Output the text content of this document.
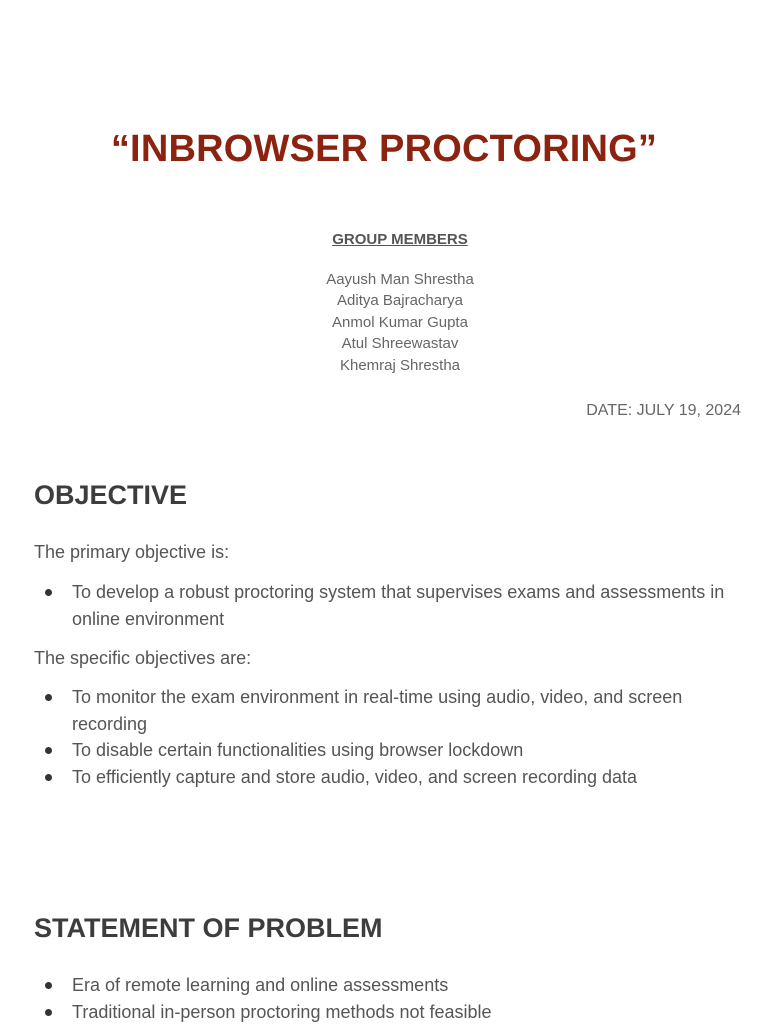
“INBROWSER PROCTORING”
GROUP MEMBERS
Aayush Man Shrestha
Aditya Bajracharya
Anmol Kumar Gupta
Atul Shreewastav
Khemraj Shrestha
DATE: JULY 19, 2024
OBJECTIVE

The primary objective is:

To develop a robust proctoring system that supervises exams and assessments in online environment

The specific objectives are:

To monitor the exam environment in real-time using audio, video, and screen recording
To disable certain functionalities using browser lockdown
To efficiently capture and store audio, video, and screen recording data
STATEMENT OF PROBLEM
Era of remote learning and online assessments
Traditional in-person proctoring methods not feasible
